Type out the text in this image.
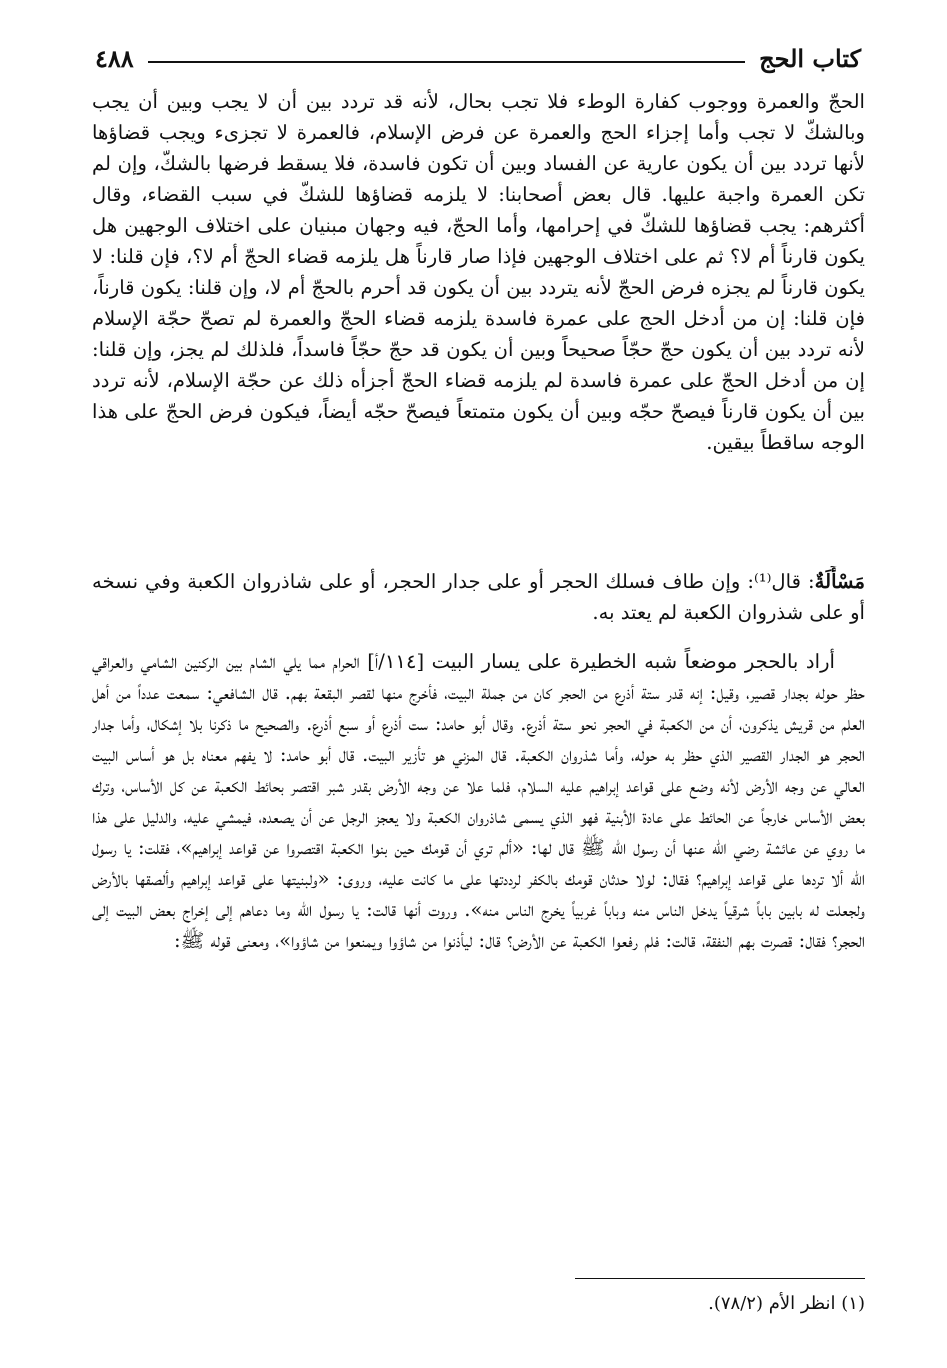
كتاب الحج
٤٨٨

الحجّ والعمرة ووجوب كفارة الوطء فلا تجب بحال، لأنه قد تردد بين أن لا يجب وبين أن يجب وبالشكّ لا تجب وأما إجزاء الحج والعمرة عن فرض الإسلام، فالعمرة لا تجزىء ويجب قضاؤها لأنها تردد بين أن يكون عارية عن الفساد وبين أن تكون فاسدة، فلا يسقط فرضها بالشكّ، وإن لم تكن العمرة واجبة عليها. قال بعض أصحابنا: لا يلزمه قضاؤها للشكّ في سبب القضاء، وقال أكثرهم: يجب قضاؤها للشكّ في إحرامها، وأما الحجّ، فيه وجهان مبنيان على اختلاف الوجهين هل يكون قارناً أم لا؟ ثم على اختلاف الوجهين فإذا صار قارناً هل يلزمه قضاء الحجّ أم لا؟، فإن قلنا: لا يكون قارناً لم يجزه فرض الحجّ لأنه يتردد بين أن يكون قد أحرم بالحجّ أم لا، وإن قلنا: يكون قارناً، فإن قلنا: إن من أدخل الحج على عمرة فاسدة يلزمه قضاء الحجّ والعمرة لم تصحّ حجّة الإسلام لأنه تردد بين أن يكون حجّ حجّاً صحيحاً وبين أن يكون قد حجّ حجّاً فاسداً، فلذلك لم يجز، وإن قلنا: إن من أدخل الحجّ على عمرة فاسدة لم يلزمه قضاء الحجّ أجزأه ذلك عن حجّة الإسلام، لأنه تردد بين أن يكون قارناً فيصحّ حجّه وبين أن يكون متمتعاً فيصحّ حجّه أيضاً، فيكون فرض الحجّ على هذا الوجه ساقطاً بيقين.

مَسْأَلَةٌ: قال⁽¹⁾: وإن طاف فسلك الحجر أو على جدار الحجر، أو على شاذروان الكعبة وفي نسخه أو على شذروان الكعبة لم يعتد به.

أراد بالحجر موضعاً شبه الخطيرة على يسار البيت [١١٤/أ] الحرام مما يلي الشام بين الركنين الشامي والعراقي حظر حوله بجدار قصير، وقيل: إنه قدر ستة أذرع من الحجر كان من جملة البيت، فأخرج منها لقصر البقعة بهم. قال الشافعي: سمعت عدداً من أهل العلم من قريش يذكرون، أن من الكعبة في الحجر نحو ستة أذرع. وقال أبو حامد: ست أذرع أو سبع أذرع. والصحيح ما ذكرنا بلا إشكال، وأما جدار الحجر هو الجدار القصير الذي حظر به حوله، وأما شذروان الكعبة. قال المزني هو تأزير البيت. قال أبو حامد: لا يفهم معناه بل هو أساس البيت العالي عن وجه الأرض لأنه وضع على قواعد إبراهيم عليه السلام، فلما علا عن وجه الأرض بقدر شبر اقتصر بحائط الكعبة عن كل الأساس، وترك بعض الأساس خارجاً عن الحائط على عادة الأبنية فهو الذي يسمى شاذروان الكعبة ولا يعجز الرجل عن أن يصعده، فيمشي عليه، والدليل على هذا ما روي عن عائشة رضي الله عنها أن رسول الله ﷺ قال لها: «ألم تري أن قومك حين بنوا الكعبة اقتصروا عن قواعد إبراهيم»، فقلت: يا رسول الله ألا تردها على قواعد إبراهيم؟ فقال: لولا حدثان قومك بالكفر لرددتها على ما كانت عليه، وروى: «ولبنيتها على قواعد إبراهيم وألصقها بالأرض ولجعلت له بابين باباً شرقياً يدخل الناس منه وباباً غربياً يخرج الناس منه». وروت أنها قالت: يا رسول الله وما دعاهم إلى إخراج بعض البيت إلى الحجر؟ فقال: قصرت بهم النفقة، قالت: فلم رفعوا الكعبة عن الأرض؟ قال: ليأذنوا من شاؤوا ويمنعوا من شاؤوا»، ومعنى قوله ﷺ:

(١) انظر الأم (٧٨/٢).
